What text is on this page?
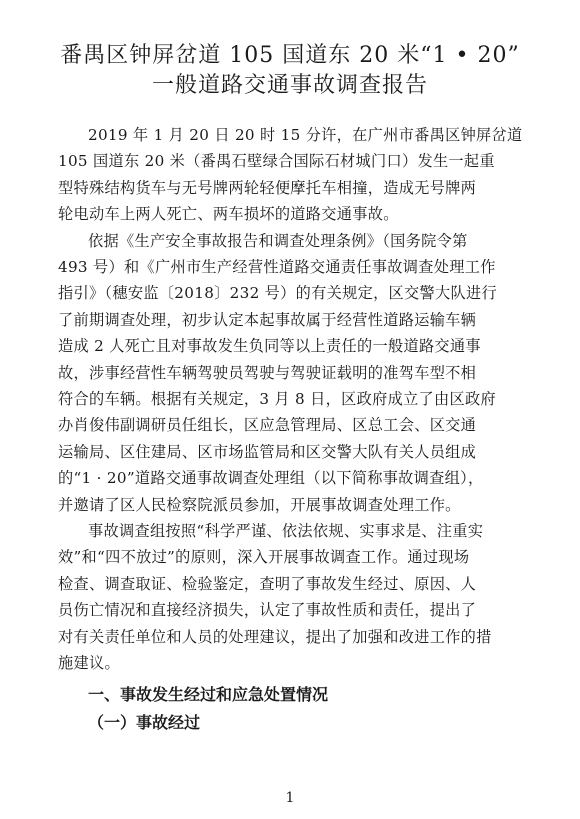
番禺区钟屏岔道 105 国道东 20 米“1 • 20”
一般道路交通事故调查报告
2019 年 1 月 20 日 20 时 15 分许，在广州市番禺区钟屏岔道
105 国道东 20 米（番禺石壁绿合国际石材城门口）发生一起重
型特殊结构货车与无号牌两轮轻便摩托车相撞，造成无号牌两
轮电动车上两人死亡、两车损坏的道路交通事故。
依据《生产安全事故报告和调查处理条例》（国务院令第
493 号）和《广州市生产经营性道路交通责任事故调查处理工作
指引》（穗安监〔2018〕232 号）的有关规定，区交警大队进行
了前期调查处理，初步认定本起事故属于经营性道路运输车辆
造成 2 人死亡且对事故发生负同等以上责任的一般道路交通事
故，涉事经营性车辆驾驶员驾驶与驾驶证载明的准驾车型不相
符合的车辆。根据有关规定，3 月 8 日，区政府成立了由区政府
办肖俊伟副调研员任组长，区应急管理局、区总工会、区交通
运输局、区住建局、区市场监管局和区交警大队有关人员组成
的“1 · 20”道路交通事故调查处理组（以下简称事故调查组），
并邀请了区人民检察院派员参加，开展事故调查处理工作。
事故调查组按照“科学严谨、依法依规、实事求是、注重实
效”和“四不放过”的原则，深入开展事故调查工作。通过现场
检查、调查取证、检验鉴定，查明了事故发生经过、原因、人
员伤亡情况和直接经济损失，认定了事故性质和责任，提出了
一、事故发生经过和应急处置情况
（一）事故经过
1
对有关责任单位和人员的处理建议，提出了加强和改进工作的措
施建议。
